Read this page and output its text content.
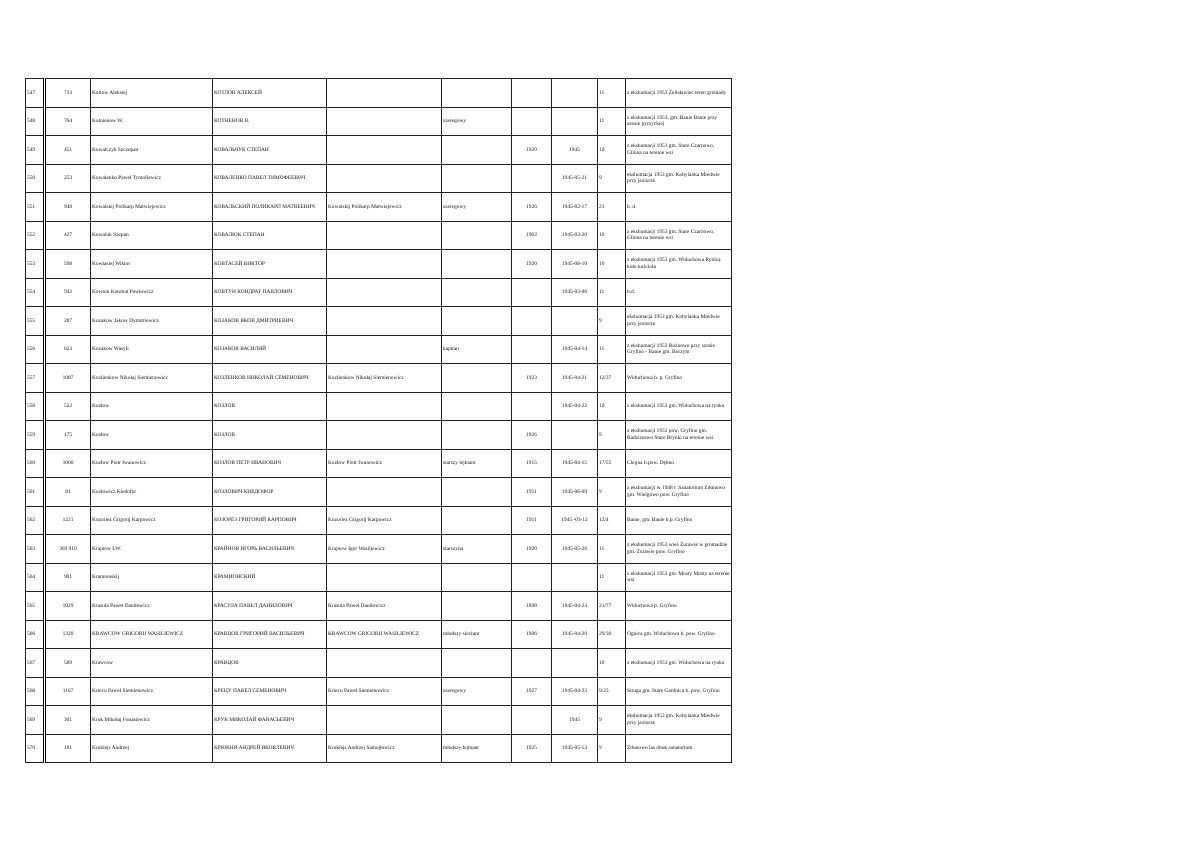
547	733	Kotlow Aleksiej	КОТЛОВ АЛЕКСЕЙ					11	z ekshumacji 1953 Żelisławiec teren gromady
548	764	Kotnienow W.	КОТНЕНОВ В.		szeregowy			11	z ekshumacji 1953, gm. Banie Banie przy szosie pyrzyckiej
549	451	Kowalczyk Szczepan	КОВАЛЬЧУК СТЕПАН			1920	1945	10	z ekshumacji 1953 gm. Stare Czarnowo, Glinna na terenie wsi
550	253	Kowalenko Paweł Tymofiewicz	КОВАЛЕНКО ПАВЕЛ ТИМОФЕЕВИЧ				1945-05-21	9	ekshumacja 1953 gm. Kobylanka Miedwie przy jeziorze
551	948	Kowalskij Polikarp Matwiejewicz	КОВАЛЬСКИЙ ПОЛИКАРП МАТВЕЕВИЧ	Kowalskij Polikarp Matwiejewicz	szeregowy	1926	1945-02-17	21	b. d.
552	427	Kowaluk Szepan	КОВАЛЮК СТЕПАН			1902	1945-03-20	10	z ekshumacji 1953 gm. Stare Czarnowo, Glinna na terenie wsi
553	598	Kowtasiej Wiktor	КОВТАСЕЙ ВИКТОР			1920	1945-08-10	10	z ekshumacji 1953 gm. Widuchowa Rynica koło kościoła
554	942	Kowtun Kondrat Pawłowicz	КОВТУН КОНДРАТ ПАВЛОВИЧ				1945-03-06	11	b.d.
555	287	Kozakow Jakow Dymitriewicz	КОЗАКОВ ЯКОВ ДМИТРИЕВИЧ					9	ekshumacja 1953 gm. Kobylanka Miedwie przy jeziorze
556	623	Kozakow Wasyli	КОЗАКОВ ВАСИЛИЙ		kapitan		1945-04-14	11	z ekshumacji 1953 Rożnowo przy szosie Gryfino - Banie gm. Borzym
557	1087	Kozlienkow Nikołaj Siemienowicz	КОЗЛЕНКОВ НИКОЛАЙ СЕМЕНОВИЧ	Kozlienkow Nikołaj Siemienowicz		1923	1945-04-21	12/37	Widuchowa b. p. Gryfino
558	522	Kozłow	КОЗЛОВ				1945-04-22	10	z ekshumacji 1953 gm. Widuchowa na rynku
559	175	Kozłow	КОЗЛОВ			1926		9	z ekshumacji 1953 pow. Gryfino gm. Radziszewo Stare Brynki na terenie wsi
560	1060	Kozłow Piotr Iwanowicz	КОЗЛОВ ПЕТР ИВАНОВИЧ	Kozłow Piotr Iwanowicz	starszy lejtnant	1915	1945-04-15	17/55	Chojna b.pow. Dębno
561	81	Kozłowicz Kiedofor	КОЗЛОВИЧ КИЕДОФОР			1911	1945-06-09	9	z ekshumacji w 1948 r. Sanatorium Zdunowo gm. Wielgowo pow. Gryfino
562	1221	Kozoriez Grigorij Karpowicz	КОЗОРЕЗ ГРИГОРИЙ КАРПОВИЧ	Kozoriez Grigorij Karpowicz		1911	1945 -03-12	12/4	Banie, gm. Banie b.p. Gryfino
563	369 910	Krajnow I.W.	КРАЙНОВ ИГОРЬ ВАСИЛЬЕВИЧ	Krajnow Igor Wasiljewicz	starszyna	1920	1945-05-26	11	z ekshumacji 1953 wieś Żurawie w gromadzie gm. Żurawie pow. Gryfino
564	901	Kramionskij	КРАМИОНСКИЙ					11	z ekshumacji 1953 gm. Mosty Mosty na terenie wsi
565	1029	Krasula Paweł Daniłowicz	КРАСУЛА ПАВЕЛ ДАНИЛОВИЧ	Krasula Paweł Daniłowicz		1898	1945-04-24	21/77	Widuchowa p. Gryfino
566	1320	KRAWCOW GRIGORIJ WASILIEWICZ	КРАВЦОВ ГРИГОРИЙ ВАСИЛЬЕВИЧ	KRAWCOW GRIGORIJ WASILIEWICZ	młodszy sierżant	1906	1945-04-20	29/30	Ognica gm. Widuchowa b. pow. Gryfino
567	589	Krawcow	КРАВЦОВ					10	z ekshumacji 1953 gm. Widuchowa na rynku
568	1167	Kriecu Paweł Siemienowicz	КРЕЦУ ПАВЕЛ СЕМЕНОВИЧ	Kriecu Paweł Siemienowicz	szeregowy	1927	1945-04-23	9/23	Struga gm. Stare Gardnica b. pow. Gryfino
569	301	Kruk Mikołaj Funasiewicz	КРУК МИКОЛАЙ ФАНАСЬЕВИЧ				1945	9	ekshumacja 1953 gm. Kobylanka Miedwie przy jeziorze
570	101	Kruklejs Andrzej	КРЮКНЯ АНДРЕЙ ЯКОВЛЕВИЧ	Kruklejs Andrzej Samojłowicz	młodszy lejtnant	1925	1945-05-13	9	Zdunowo las obok sanatorium
